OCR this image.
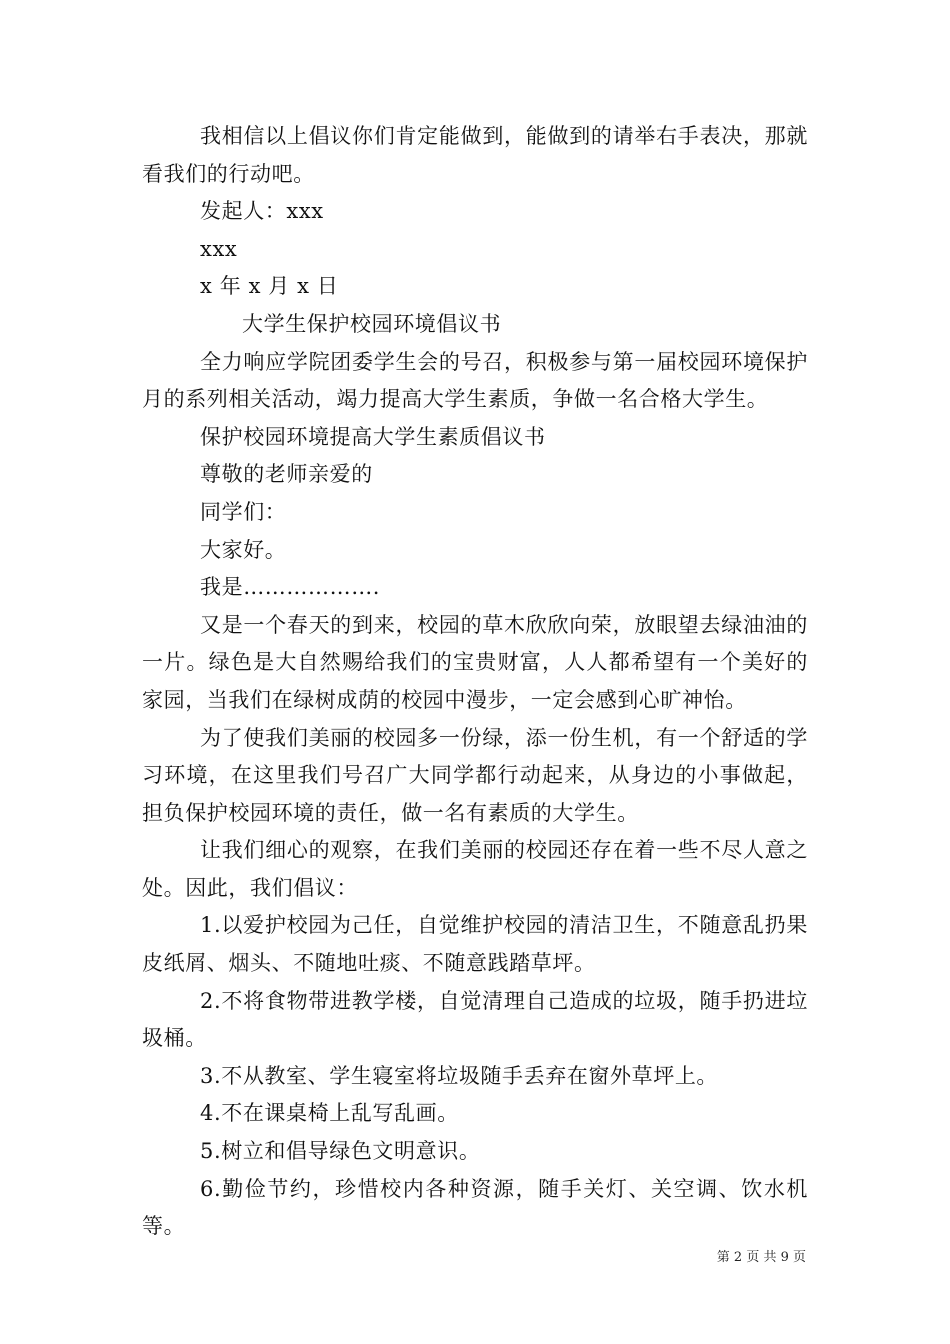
我相信以上倡议你们肯定能做到，能做到的请举右手表决，那就看我们的行动吧。

发起人：xxx

xxx

x 年 x 月 x 日

大学生保护校园环境倡议书

全力响应学院团委学生会的号召，积极参与第一届校园环境保护月的系列相关活动，竭力提高大学生素质，争做一名合格大学生。

保护校园环境提高大学生素质倡议书

尊敬的老师亲爱的

同学们：

大家好。

我是……………….

又是一个春天的到来，校园的草木欣欣向荣，放眼望去绿油油的一片。绿色是大自然赐给我们的宝贵财富，人人都希望有一个美好的家园，当我们在绿树成荫的校园中漫步，一定会感到心旷神怡。

为了使我们美丽的校园多一份绿，添一份生机，有一个舒适的学习环境，在这里我们号召广大同学都行动起来，从身边的小事做起，担负保护校园环境的责任，做一名有素质的大学生。

让我们细心的观察，在我们美丽的校园还存在着一些不尽人意之处。因此，我们倡议：

1.以爱护校园为己任，自觉维护校园的清洁卫生，不随意乱扔果皮纸屑、烟头、不随地吐痰、不随意践踏草坪。

2.不将食物带进教学楼，自觉清理自己造成的垃圾，随手扔进垃圾桶。

3.不从教室、学生寝室将垃圾随手丢弃在窗外草坪上。

4.不在课桌椅上乱写乱画。

5.树立和倡导绿色文明意识。

6.勤俭节约，珍惜校内各种资源，随手关灯、关空调、饮水机等。

第 2 页 共 9 页
